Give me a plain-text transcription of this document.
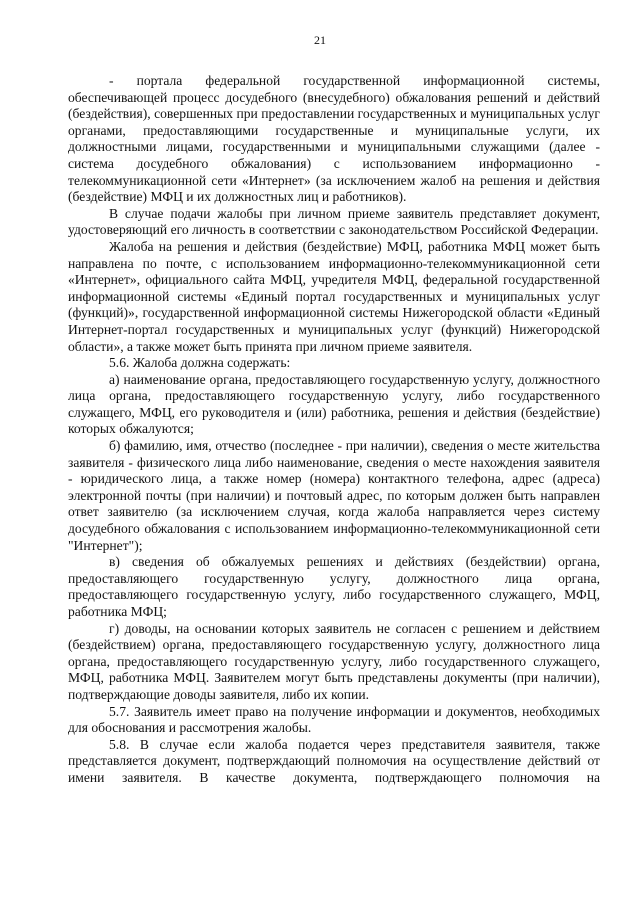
21

- портала федеральной государственной информационной системы, обеспечивающей процесс досудебного (внесудебного) обжалования решений и действий (бездействия), совершенных при предоставлении государственных и муниципальных услуг органами, предоставляющими государственные и муниципальные услуги, их должностными лицами, государственными и муниципальными служащими (далее - система досудебного обжалования) с использованием информационно - телекоммуникационной сети «Интернет» (за исключением жалоб на решения и действия (бездействие) МФЦ и их должностных лиц и работников).

В случае подачи жалобы при личном приеме заявитель представляет документ, удостоверяющий его личность в соответствии с законодательством Российской Федерации.

Жалоба на решения и действия (бездействие) МФЦ, работника МФЦ может быть направлена по почте, с использованием информационно-телекоммуникационной сети «Интернет», официального сайта МФЦ, учредителя МФЦ, федеральной государственной информационной системы «Единый портал государственных и муниципальных услуг (функций)», государственной информационной системы Нижегородской области «Единый Интернет-портал государственных и муниципальных услуг (функций) Нижегородской области», а также может быть принята при личном приеме заявителя.

5.6. Жалоба должна содержать:

а) наименование органа, предоставляющего государственную услугу, должностного лица органа, предоставляющего государственную услугу, либо государственного служащего, МФЦ, его руководителя и (или) работника, решения и действия (бездействие) которых обжалуются;

б) фамилию, имя, отчество (последнее - при наличии), сведения о месте жительства заявителя - физического лица либо наименование, сведения о месте нахождения заявителя - юридического лица, а также номер (номера) контактного телефона, адрес (адреса) электронной почты (при наличии) и почтовый адрес, по которым должен быть направлен ответ заявителю (за исключением случая, когда жалоба направляется через систему досудебного обжалования с использованием информационно-телекоммуникационной сети "Интернет");

в) сведения об обжалуемых решениях и действиях (бездействии) органа, предоставляющего государственную услугу, должностного лица органа, предоставляющего государственную услугу, либо государственного служащего, МФЦ, работника МФЦ;

г) доводы, на основании которых заявитель не согласен с решением и действием (бездействием) органа, предоставляющего государственную услугу, должностного лица органа, предоставляющего государственную услугу, либо государственного служащего, МФЦ, работника МФЦ. Заявителем могут быть представлены документы (при наличии), подтверждающие доводы заявителя, либо их копии.

5.7. Заявитель имеет право на получение информации и документов, необходимых для обоснования и рассмотрения жалобы.

5.8. В случае если жалоба подается через представителя заявителя, также представляется документ, подтверждающий полномочия на осуществление действий от имени заявителя. В качестве документа, подтверждающего полномочия на
